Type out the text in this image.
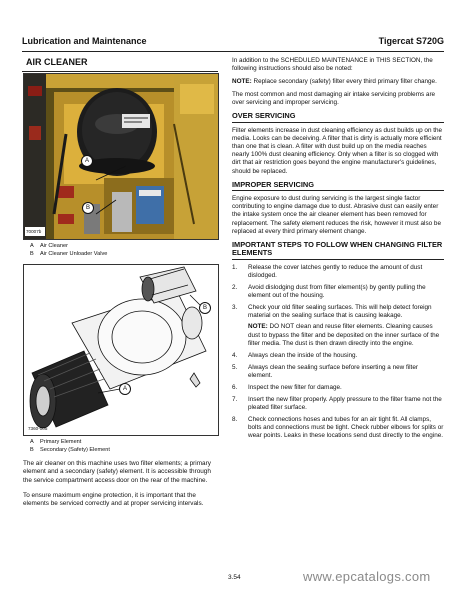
Lubrication and Maintenance	Tigercat S720G
AIR CLEANER
A
B
70007b
A Air Cleaner
B Air Cleaner Unloader Valve
A
B
7360-005
A Primary Element
B Secondary (Safety) Element

The air cleaner on this machine uses two filter elements; a primary element and a secondary (safety) element. It is accessible through the service compartment access door on the rear of the machine.

To ensure maximum engine protection, it is important that the elements be serviced correctly and at proper servicing intervals.

In addition to the SCHEDULED MAINTENANCE in THIS SECTION, the following instructions should also be noted:

NOTE: Replace secondary (safety) filter every third primary filter change.

The most common and most damaging air intake servicing problems are over servicing and improper servicing.

OVER SERVICING

Filter elements increase in dust cleaning efficiency as dust builds up on the media. Looks can be deceiving. A filter that is dirty is actually more efficient than one that is clean. A filter with dust build up on the media reaches nearly 100% dust cleaning efficiency. Only when a filter is so clogged with dirt that air restriction goes beyond the engine manufacturer's guidelines, should be replaced.

IMPROPER SERVICING

Engine exposure to dust during servicing is the largest single factor contributing to engine damage due to dust. Abrasive dust can easily enter the intake system once the air cleaner element has been removed for replacement. The safety element reduces the risk, however it must also be replaced at every third primary element change.

IMPORTANT STEPS TO FOLLOW WHEN CHANGING FILTER ELEMENTS
1. Release the cover latches gently to reduce the amount of dust dislodged.
2. Avoid dislodging dust from filter element(s) by gently pulling the element out of the housing.
3. Check your old filter sealing surfaces. This will help detect foreign material on the sealing surface that is causing leakage.
NOTE: DO NOT clean and reuse filter elements. Cleaning causes dust to bypass the filter and be deposited on the inner surface of the filter media. The dust is then drawn directly into the engine.
4. Always clean the inside of the housing.
5. Always clean the sealing surface before inserting a new filter element.
6. Inspect the new filter for damage.
7. Insert the new filter properly. Apply pressure to the filter frame not the pleated filter surface.
8. Check connections hoses and tubes for an air tight fit. All clamps, bolts and connections must be tight. Check rubber elbows for splits or wear points. Leaks in these locations send dust directly to the engine.
3.54	www.epcatalogs.com
